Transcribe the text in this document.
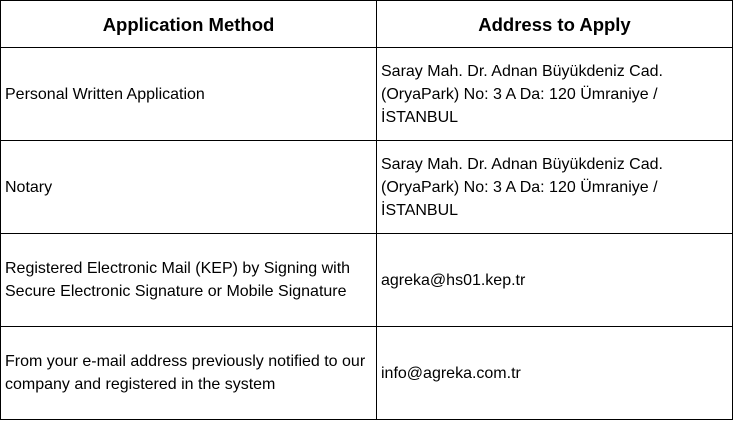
Application Method	Address to Apply
Personal Written Application	Saray Mah. Dr. Adnan Büyükdeniz Cad. (OryaPark) No: 3 A Da: 120 Ümraniye / İSTANBUL
Notary	Saray Mah. Dr. Adnan Büyükdeniz Cad. (OryaPark) No: 3 A Da: 120 Ümraniye / İSTANBUL
Registered Electronic Mail (KEP) by Signing with Secure Electronic Signature or Mobile Signature	agreka@hs01.kep.tr
From your e-mail address previously notified to our company and registered in the system	info@agreka.com.tr
